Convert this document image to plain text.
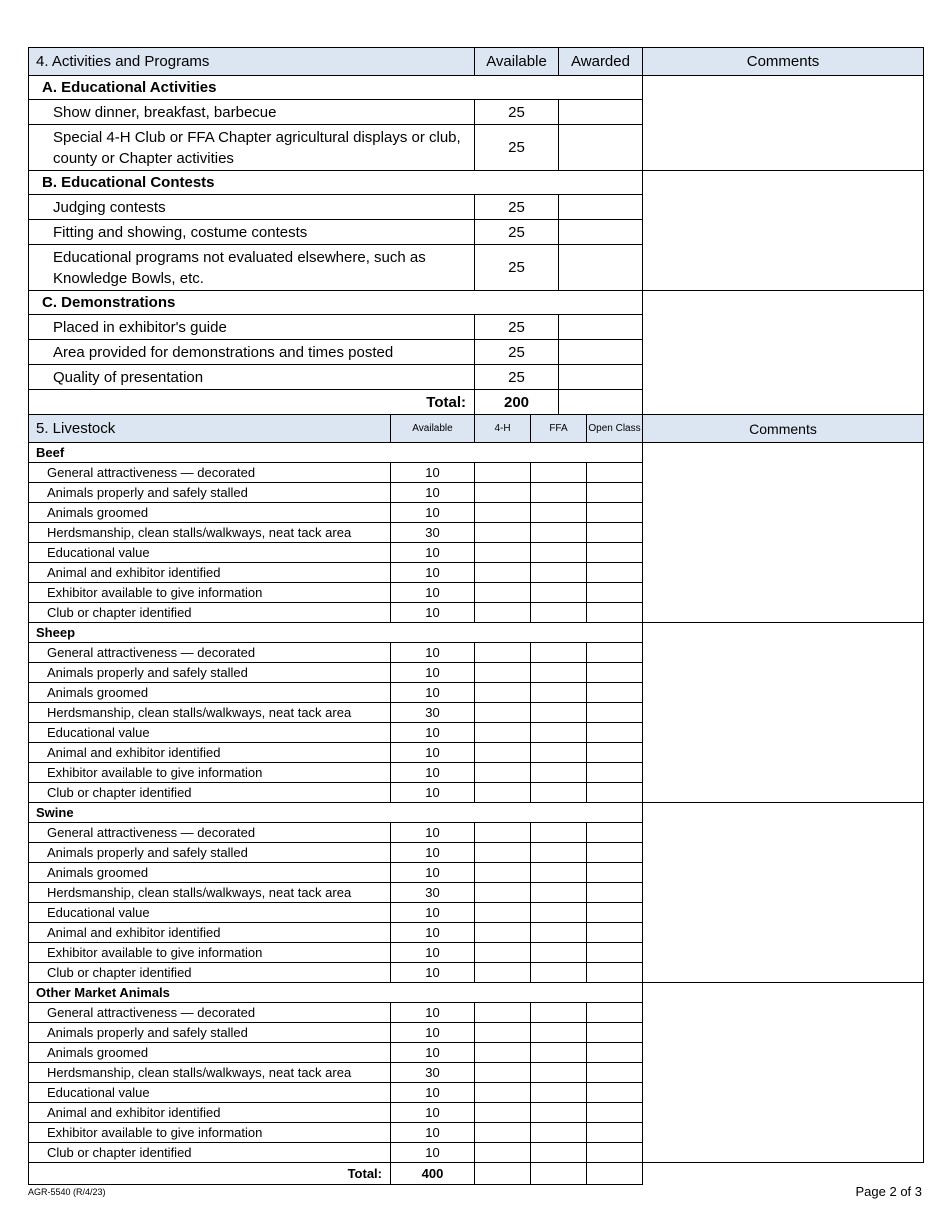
4. Activities and Programs	Available	Awarded	Comments
A. Educational Activities			
Show dinner, breakfast, barbecue	25		
Special 4-H Club or FFA Chapter agricultural displays or club, county or Chapter activities	25		
B. Educational Contests			
Judging contests	25		
Fitting and showing, costume contests	25		
Educational programs not evaluated elsewhere, such as Knowledge Bowls, etc.	25		
C. Demonstrations			
Placed in exhibitor's guide	25		
Area provided for demonstrations and times posted	25		
Quality of presentation	25		
Total:	200		
5. Livestock	Available	4-H	FFA	Open Class	Comments
Beef					
General attractiveness — decorated	10				
Animals properly and safely stalled	10				
Animals groomed	10				
Herdsmanship, clean stalls/walkways, neat tack area	30				
Educational value	10				
Animal and exhibitor identified	10				
Exhibitor available to give information	10				
Club or chapter identified	10				
Sheep					
General attractiveness — decorated	10				
Animals properly and safely stalled	10				
Animals groomed	10				
Herdsmanship, clean stalls/walkways, neat tack area	30				
Educational value	10				
Animal and exhibitor identified	10				
Exhibitor available to give information	10				
Club or chapter identified	10				
Swine					
General attractiveness — decorated	10				
Animals properly and safely stalled	10				
Animals groomed	10				
Herdsmanship, clean stalls/walkways, neat tack area	30				
Educational value	10				
Animal and exhibitor identified	10				
Exhibitor available to give information	10				
Club or chapter identified	10				
Other Market Animals					
General attractiveness — decorated	10				
Animals properly and safely stalled	10				
Animals groomed	10				
Herdsmanship, clean stalls/walkways, neat tack area	30				
Educational value	10				
Animal and exhibitor identified	10				
Exhibitor available to give information	10				
Club or chapter identified	10				
Total:	400				
AGR-5540 (R/4/23)	Page 2 of 3
